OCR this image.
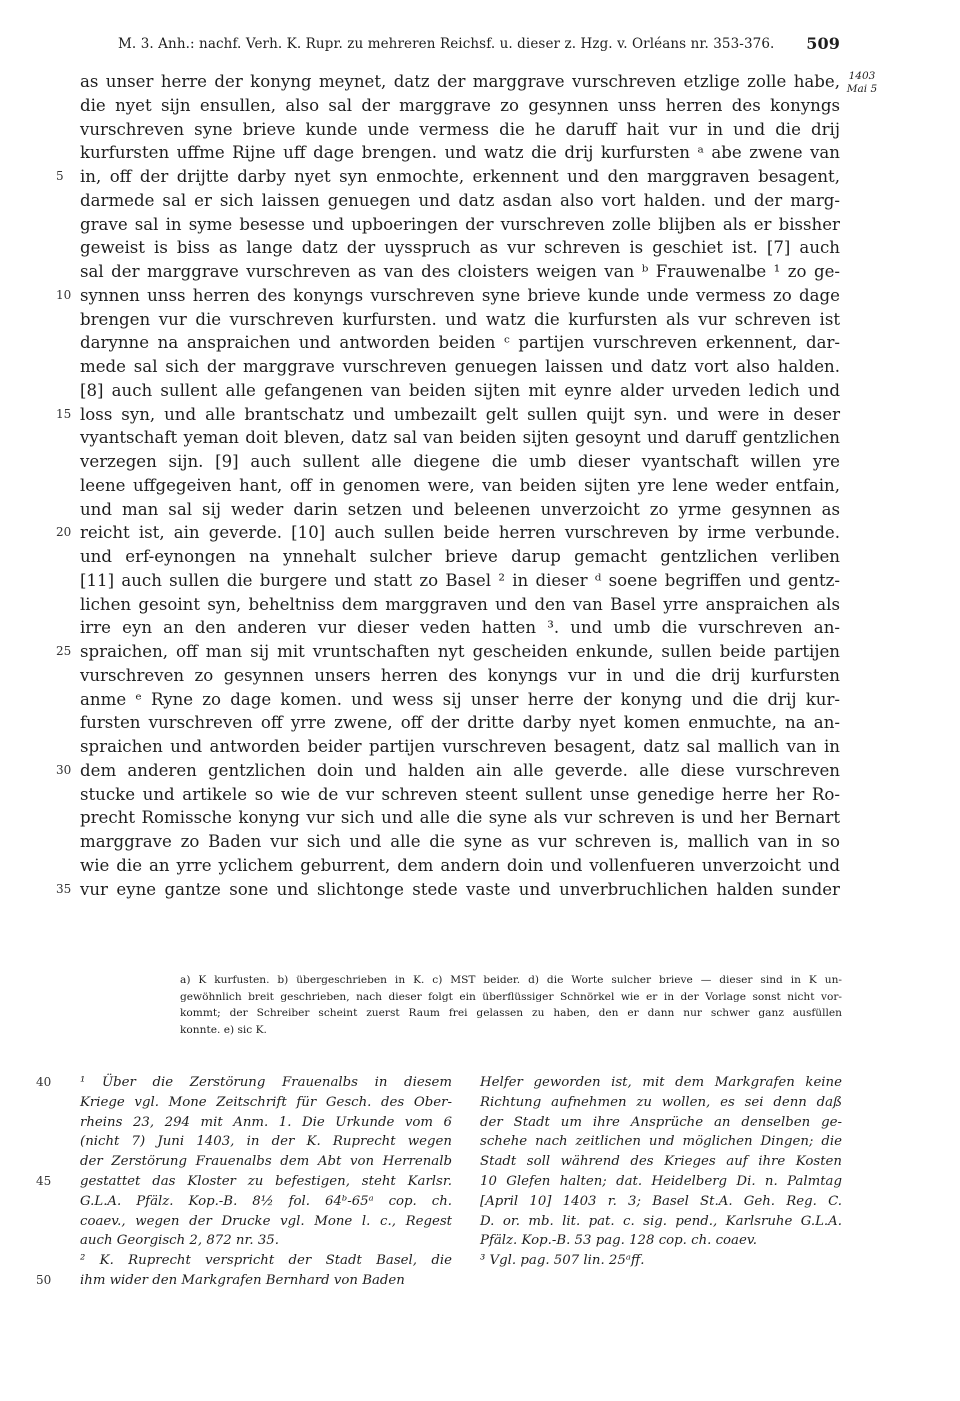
M. 3. Anh.: nachf. Verh. K. Rupr. zu mehreren Reichsf. u. dieser z. Hzg. v. Orléans nr. 353-376. 509
1403
Mai 5
as unser herre der konyng meynet, datz der marggrave vurschreven etzlige zolle habe,
die nyet sijn ensullen, also sal der marggrave zo gesynnen unss herren des konyngs
vurschreven syne brieve kunde unde vermess die he daruff hait vur in und die drij
kurfursten uffme Rijne uff dage brengen. und watz die drij kurfursten ᵃ abe zwene van
5 in, off der drijtte darby nyet syn enmochte, erkennent und den marggraven besagent,
darmede sal er sich laissen genuegen und datz asdan also vort halden. und der marg-
grave sal in syme besesse und upboeringen der vurschreven zolle blijben als er bissher
geweist is biss as lange datz der uysspruch as vur schreven is geschiet ist. [7] auch
sal der marggrave vurschreven as van des cloisters weigen van ᵇ Frauwenalbe ¹ zo ge-
10 synnen unss herren des konyngs vurschreven syne brieve kunde unde vermess zo dage
brengen vur die vurschreven kurfursten. und watz die kurfursten als vur schreven ist
darynne na anspraichen und antworden beiden ᶜ partijen vurschreven erkennent, dar-
mede sal sich der marggrave vurschreven genuegen laissen und datz vort also halden.
[8] auch sullent alle gefangenen van beiden sijten mit eynre alder urveden ledich und
15 loss syn, und alle brantschatz und umbezailt gelt sullen quijt syn. und were in deser
vyantschaft yeman doit bleven, datz sal van beiden sijten gesoynt und daruff gentzlichen
verzegen sijn. [9] auch sullent alle diegene die umb dieser vyantschaft willen yre
leene uffgegeiven hant, off in genomen were, van beiden sijten yre lene weder entfain,
und man sal sij weder darin setzen und beleenen unverzoicht zo yrme gesynnen as
20 reicht ist, ain geverde. [10] auch sullen beide herren vurschreven by irme verbunde.
und erf-eynongen na ynnehalt sulcher brieve darup gemacht gentzlichen verliben
[11] auch sullen die burgere und statt zo Basel ² in dieser ᵈ soene begriffen und gentz-
lichen gesoint syn, beheltniss dem marggraven und den van Basel yrre anspraichen als
irre eyn an den anderen vur dieser veden hatten ³. und umb die vurschreven an-
25 spraichen, off man sij mit vruntschaften nyt gescheiden enkunde, sullen beide partijen
vurschreven zo gesynnen unsers herren des konyngs vur in und die drij kurfursten
anme ᵉ Ryne zo dage komen. und wess sij unser herre der konyng und die drij kur-
fursten vurschreven off yrre zwene, off der dritte darby nyet komen enmuchte, na an-
spraichen und antworden beider partijen vurschreven besagent, datz sal mallich van in
30 dem anderen gentzlichen doin und halden ain alle geverde. alle diese vurschreven
stucke und artikele so wie de vur schreven steent sullent unse genedige herre her Ro-
precht Romissche konyng vur sich und alle die syne als vur schreven is und her Bernart
marggrave zo Baden vur sich und alle die syne as vur schreven is, mallich van in so
wie die an yrre yclichem geburrent, dem andern doin und vollenfueren unverzoicht und
35 vur eyne gantze sone und slichtonge stede vaste und unverbruchlichen halden sunder
a) K kurfusten. b) übergeschrieben in K. c) MST beider. d) die Worte sulcher brieve — dieser sind in K un-
gewöhnlich breit geschrieben, nach dieser folgt ein überflüssiger Schnörkel wie er in der Vorlage sonst nicht vor-
kommt; der Schreiber scheint zuerst Raum frei gelassen zu haben, den er dann nur schwer ganz ausfüllen
konnte. e) sic K.
40 ¹ Über die Zerstörung Frauenalbs in diesem
Kriege vgl. Mone Zeitschrift für Gesch. des Ober-
rheins 23, 294 mit Anm. 1. Die Urkunde vom 6
(nicht 7) Juni 1403, in der K. Ruprecht wegen
der Zerstörung Frauenalbs dem Abt von Herrenalb
45 gestattet das Kloster zu befestigen, steht Karlsr.
G.L.A. Pfälz. Kop.-B. 8½ fol. 64ᵇ-65ᵃ cop. ch.
coaev., wegen der Drucke vgl. Mone l. c., Regest
auch Georgisch 2, 872 nr. 35.
² K. Ruprecht verspricht der Stadt Basel, die
50 ihm wider den Markgrafen Bernhard von Baden
Helfer geworden ist, mit dem Markgrafen keine
Richtung aufnehmen zu wollen, es sei denn daß
der Stadt um ihre Ansprüche an denselben ge-
schehe nach zeitlichen und möglichen Dingen; die
Stadt soll während des Krieges auf ihre Kosten
10 Glefen halten; dat. Heidelberg Di. n. Palmtag
[April 10] 1403 r. 3; Basel St.A. Geh. Reg. C.
D. or. mb. lit. pat. c. sig. pend., Karlsruhe G.L.A.
Pfälz. Kop.-B. 53 pag. 128 cop. ch. coaev.
³ Vgl. pag. 507 lin. 25ᵃff.
